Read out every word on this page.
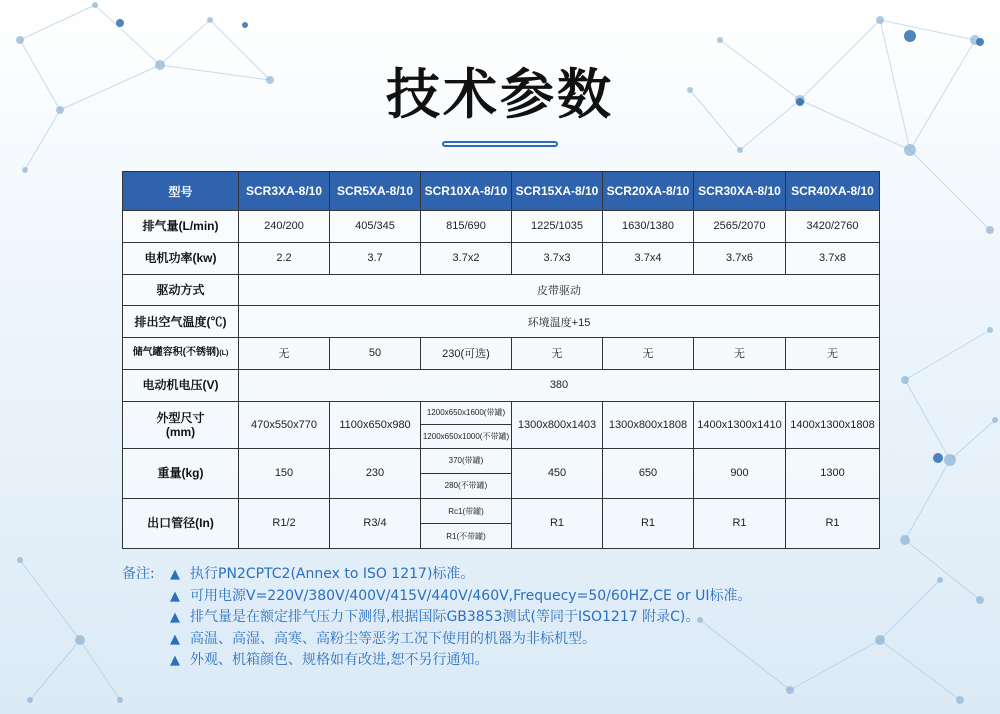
技术参数
型号	SCR3XA-8/10	SCR5XA-8/10	SCR10XA-8/10	SCR15XA-8/10	SCR20XA-8/10	SCR30XA-8/10	SCR40XA-8/10
排气量(L/min)	240/200	405/345	815/690	1225/1035	1630/1380	2565/2070	3420/2760
电机功率(kw)	2.2	3.7	3.7x2	3.7x3	3.7x4	3.7x6	3.7x8
驱动方式	皮带驱动						
排出空气温度(℃)	环境温度+15						
储气罐容积(不锈钢)(L)	无	50	230(可选)	无	无	无	无
电动机电压(V)	380						
外型尺寸
(mm)	470x550x770	1100x650x980	1200x650x1600(带罐)	1300x800x1403	1300x800x1808	1400x1300x1410	1400x1300x1808
			1200x650x1000(不带罐)				
重量(kg)	150	230	370(带罐)	450	650	900	1300
			280(不带罐)				
出口管径(In)	R1/2	R3/4	Rc1(带罐)	R1	R1	R1	R1
			R1(不带罐)				
备注:	▲ 执行PN2CPTC2(Annex to ISO 1217)标准。
▲ 可用电源V=220V/380V/400V/415V/440V/460V,Frequecy=50/60HZ,CE or UI标准。
▲ 排气量是在额定排气压力下测得,根据国际GB3853测试(等同于ISO1217 附录C)。
▲ 高温、高湿、高寒、高粉尘等恶劣工况下使用的机器为非标机型。
▲ 外观、机箱颜色、规格如有改进,恕不另行通知。
